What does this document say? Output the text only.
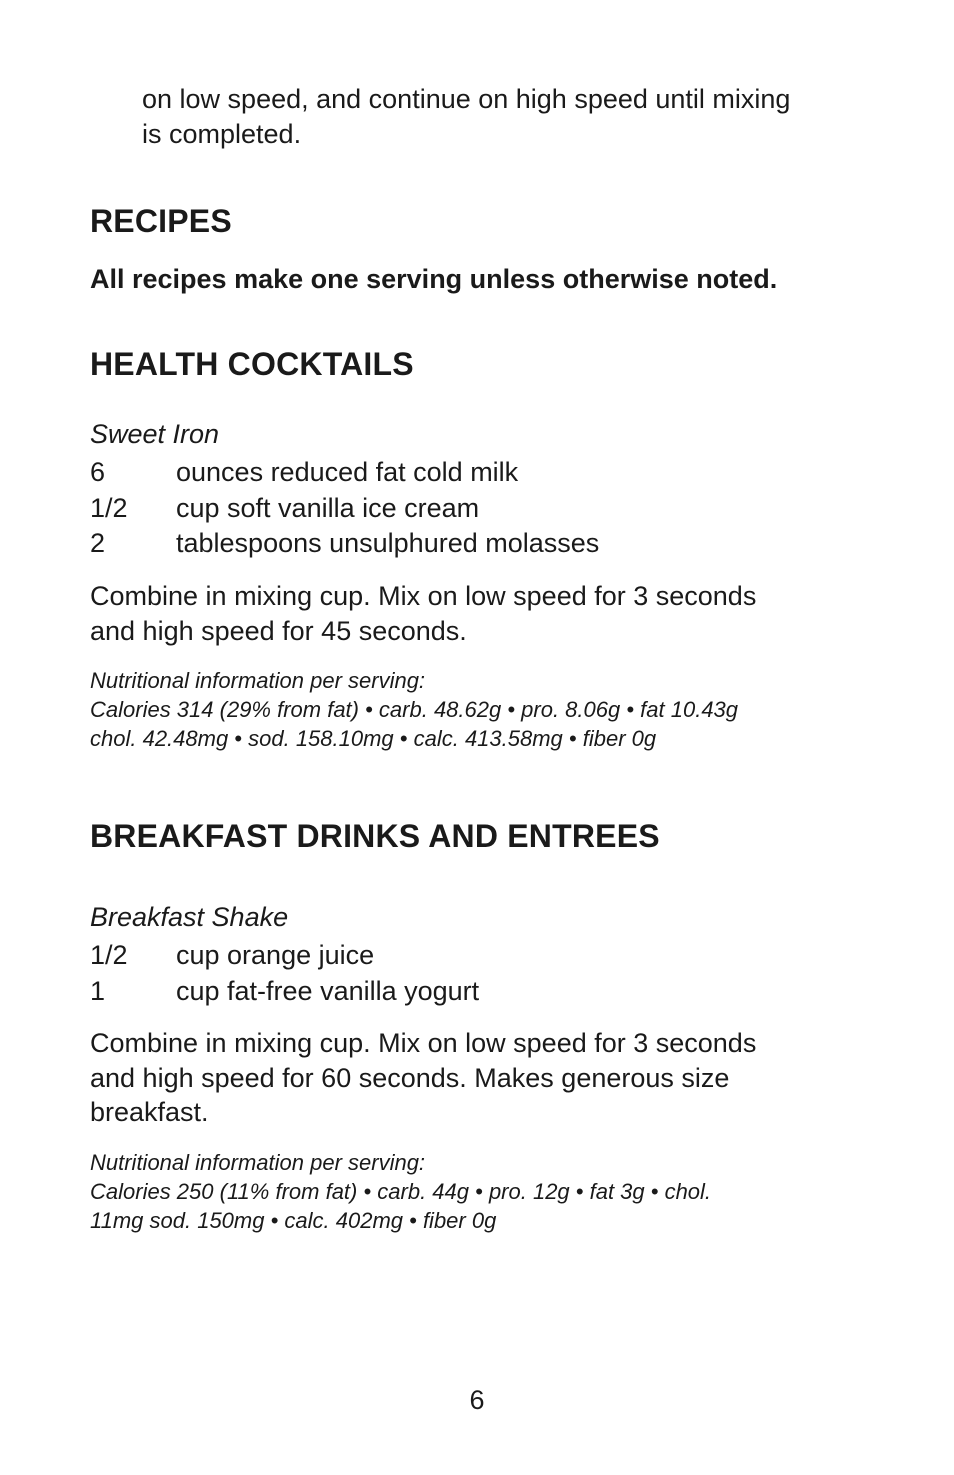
on low speed, and continue on high speed until mixing
is completed.
RECIPES
All recipes make one serving unless otherwise noted.
HEALTH COCKTAILS
Sweet Iron
6	ounces reduced fat cold milk
1/2	cup soft vanilla ice cream
2	tablespoons unsulphured molasses
Combine in mixing cup. Mix on low speed for 3 seconds
and high speed for 45 seconds.
Nutritional information per serving:
Calories 314 (29% from fat) • carb. 48.62g • pro. 8.06g • fat 10.43g
chol. 42.48mg • sod. 158.10mg • calc. 413.58mg • fiber 0g
BREAKFAST DRINKS AND ENTREES
Breakfast Shake
1/2	cup orange juice
1	cup fat-free vanilla yogurt
Combine in mixing cup. Mix on low speed for 3 seconds
and high speed for 60 seconds. Makes generous size
breakfast.
Nutritional information per serving:
Calories 250 (11% from fat) • carb. 44g • pro. 12g • fat 3g • chol.
11mg sod. 150mg • calc. 402mg • fiber 0g
6
